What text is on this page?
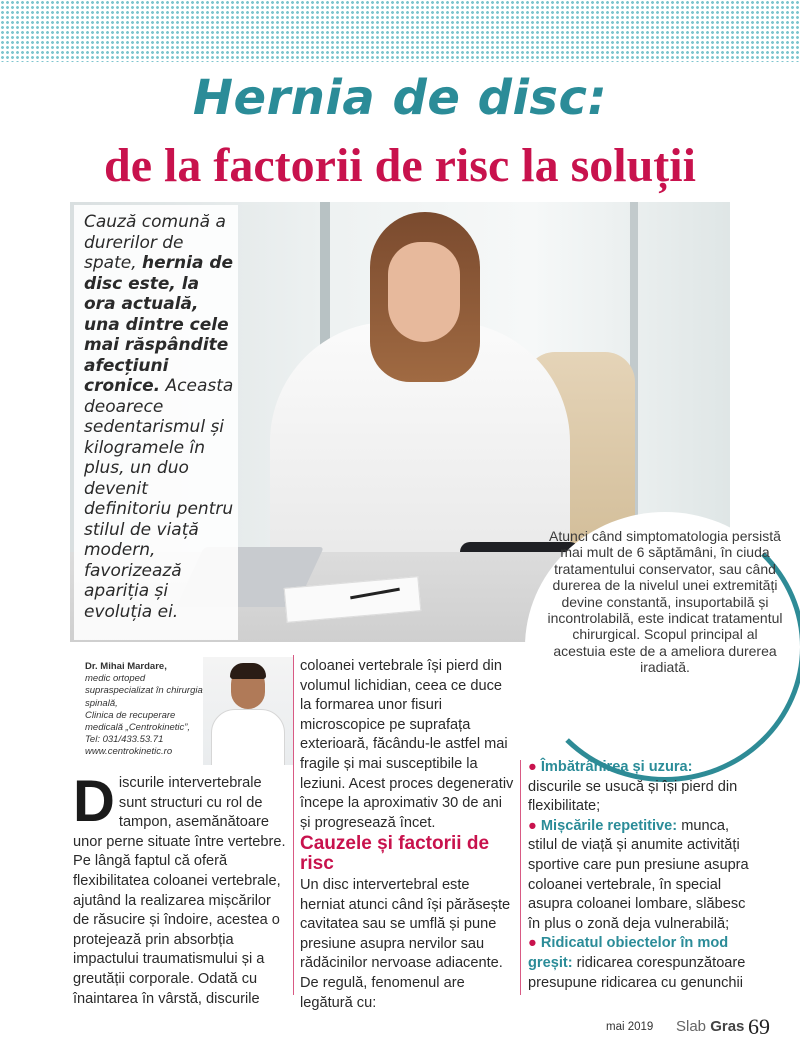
Hernia de disc:
de la factorii de risc la soluții

Cauză comună a durerilor de spate, hernia de disc este, la ora actuală, una dintre cele mai răspândite afecțiuni cronice. Aceasta deoarece sedentarismul și kilogramele în plus, un duo devenit definitoriu pentru stilul de viață modern, favorizează apariția și evoluția ei.

Atunci când simptomatologia persistă mai mult de 6 săptămâni, în ciuda tratamentului conservator, sau când durerea de la nivelul unei extremități devine constantă, insuportabilă și incontrolabilă, este indicat tratamentul chirurgical. Scopul principal al acestuia este de a ameliora durerea iradiată.

Dr. Mihai Mardare,
medic ortoped supraspecializat în chirurgia spinală,
Clinica de recuperare medicală „Centrokinetic”,
Tel: 031/433.53.71
www.centrokinetic.ro
Discurile intervertebrale sunt structuri cu rol de tampon, asemănătoare unor perne situate între vertebre. Pe lângă faptul că oferă flexibilitatea coloanei vertebrale, ajutând la realizarea mișcărilor de răsucire și îndoire, acestea o protejează prin absorbția impactului traumatismului și a greutății corporale. Odată cu înaintarea în vârstă, discurile
coloanei vertebrale își pierd din volumul lichidian, ceea ce duce la formarea unor fisuri microscopice pe suprafața exterioară, făcându-le astfel mai fragile și mai susceptibile la leziuni. Acest proces degenerativ începe la aproximativ 30 de ani și progresează încet.
Cauzele și factorii de risc
Un disc intervertebral este herniat atunci când își părăsește cavitatea sau se umflă și pune presiune asupra nervilor sau rădăcinilor nervoase adiacente. De regulă, fenomenul are legătură cu:

● Îmbătrânirea și uzura: discurile se usucă și își pierd din flexibilitate;

● Mișcările repetitive: munca, stilul de viață și anumite activități sportive care pun presiune asupra coloanei vertebrale, în special asupra coloanei lombare, slăbesc în plus o zonă deja vulnerabilă;

● Ridicatul obiectelor în mod greșit: ridicarea corespunzătoare presupune ridicarea cu genunchii

mai 2019 Slab Gras 69
